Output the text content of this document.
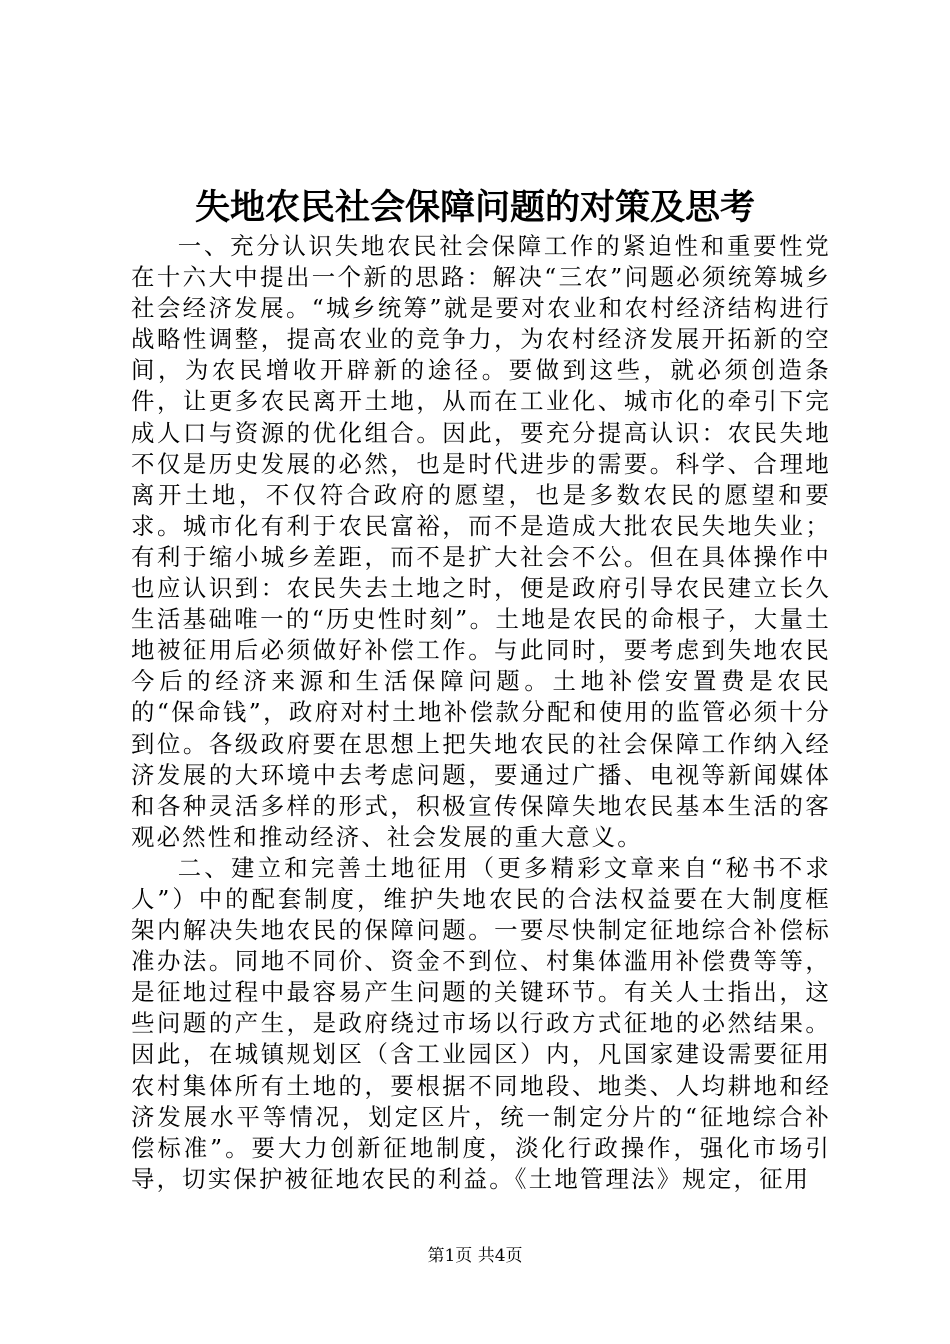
失地农民社会保障问题的对策及思考

一、充分认识失地农民社会保障工作的紧迫性和重要性党在十六大中提出一个新的思路：解决“三农”问题必须统筹城乡社会经济发展。“城乡统筹”就是要对农业和农村经济结构进行战略性调整，提高农业的竞争力，为农村经济发展开拓新的空间，为农民增收开辟新的途径。要做到这些，就必须创造条件，让更多农民离开土地，从而在工业化、城市化的牵引下完成人口与资源的优化组合。因此，要充分提高认识：农民失地不仅是历史发展的必然，也是时代进步的需要。科学、合理地离开土地，不仅符合政府的愿望，也是多数农民的愿望和要求。城市化有利于农民富裕，而不是造成大批农民失地失业；有利于缩小城乡差距，而不是扩大社会不公。但在具体操作中也应认识到：农民失去土地之时，便是政府引导农民建立长久生活基础唯一的“历史性时刻”。土地是农民的命根子，大量土地被征用后必须做好补偿工作。与此同时，要考虑到失地农民今后的经济来源和生活保障问题。土地补偿安置费是农民的“保命钱”，政府对村土地补偿款分配和使用的监管必须十分到位。各级政府要在思想上把失地农民的社会保障工作纳入经济发展的大环境中去考虑问题，要通过广播、电视等新闻媒体和各种灵活多样的形式，积极宣传保障失地农民基本生活的客观必然性和推动经济、社会发展的重大意义。

二、建立和完善土地征用（更多精彩文章来自“秘书不求人”）中的配套制度，维护失地农民的合法权益要在大制度框架内解决失地农民的保障问题。一要尽快制定征地综合补偿标准办法。同地不同价、资金不到位、村集体滥用补偿费等等，是征地过程中最容易产生问题的关键环节。有关人士指出，这些问题的产生，是政府绕过市场以行政方式征地的必然结果。因此，在城镇规划区（含工业园区）内，凡国家建设需要征用农村集体所有土地的，要根据不同地段、地类、人均耕地和经济发展水平等情况，划定区片，统一制定分片的“征地综合补偿标准”。要大力创新征地制度，淡化行政操作，强化市场引导，切实保护被征地农民的利益。《土地管理法》规定，征用

第1页 共4页
